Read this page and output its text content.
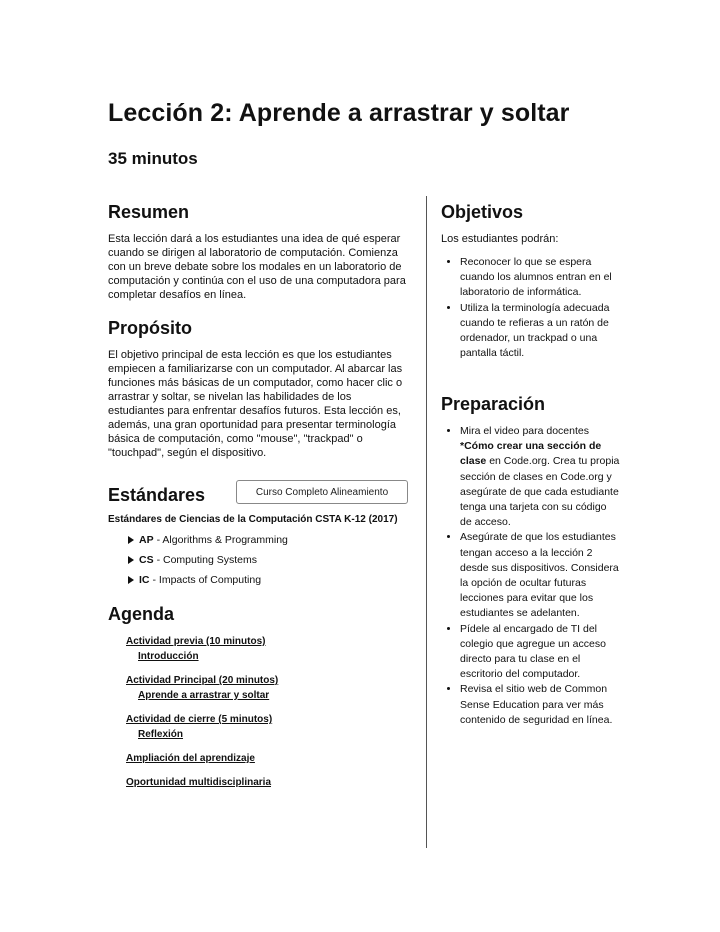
Lección 2: Aprende a arrastrar y soltar
35 minutos
Resumen

Esta lección dará a los estudiantes una idea de qué esperar cuando se dirigen al laboratorio de computación. Comienza con un breve debate sobre los modales en un laboratorio de computación y continúa con el uso de una computadora para completar desafíos en línea.

Propósito

El objetivo principal de esta lección es que los estudiantes empiecen a familiarizarse con un computador. Al abarcar las funciones más básicas de un computador, como hacer clic o arrastrar y soltar, se nivelan las habilidades de los estudiantes para enfrentar desafíos futuros. Esta lección es, además, una gran oportunidad para presentar terminología básica de computación, como "mouse", "trackpad" o "touchpad", según el dispositivo.

Estándares	Curso Completo Alineamiento
Estándares de Ciencias de la Computación CSTA K-12 (2017)
AP - Algorithms & Programming
CS - Computing Systems
IC - Impacts of Computing
Agenda
Actividad previa (10 minutos)
Introducción
Actividad Principal (20 minutos)
Aprende a arrastrar y soltar
Actividad de cierre (5 minutos)
Reflexión
Ampliación del aprendizaje
Oportunidad multidisciplinaria
Objetivos

Los estudiantes podrán:

• Reconocer lo que se espera cuando los alumnos entran en el laboratorio de informática.
• Utiliza la terminología adecuada cuando te refieras a un ratón de ordenador, un trackpad o una pantalla táctil.
Preparación
• Mira el video para docentes *Cómo crear una sección de clase en Code.org. Crea tu propia sección de clases en Code.org y asegúrate de que cada estudiante tenga una tarjeta con su código de acceso.
• Asegúrate de que los estudiantes tengan acceso a la lección 2 desde sus dispositivos. Considera la opción de ocultar futuras lecciones para evitar que los estudiantes se adelanten.
• Pídele al encargado de TI del colegio que agregue un acceso directo para tu clase en el escritorio del computador.
• Revisa el sitio web de Common Sense Education para ver más contenido de seguridad en línea.
